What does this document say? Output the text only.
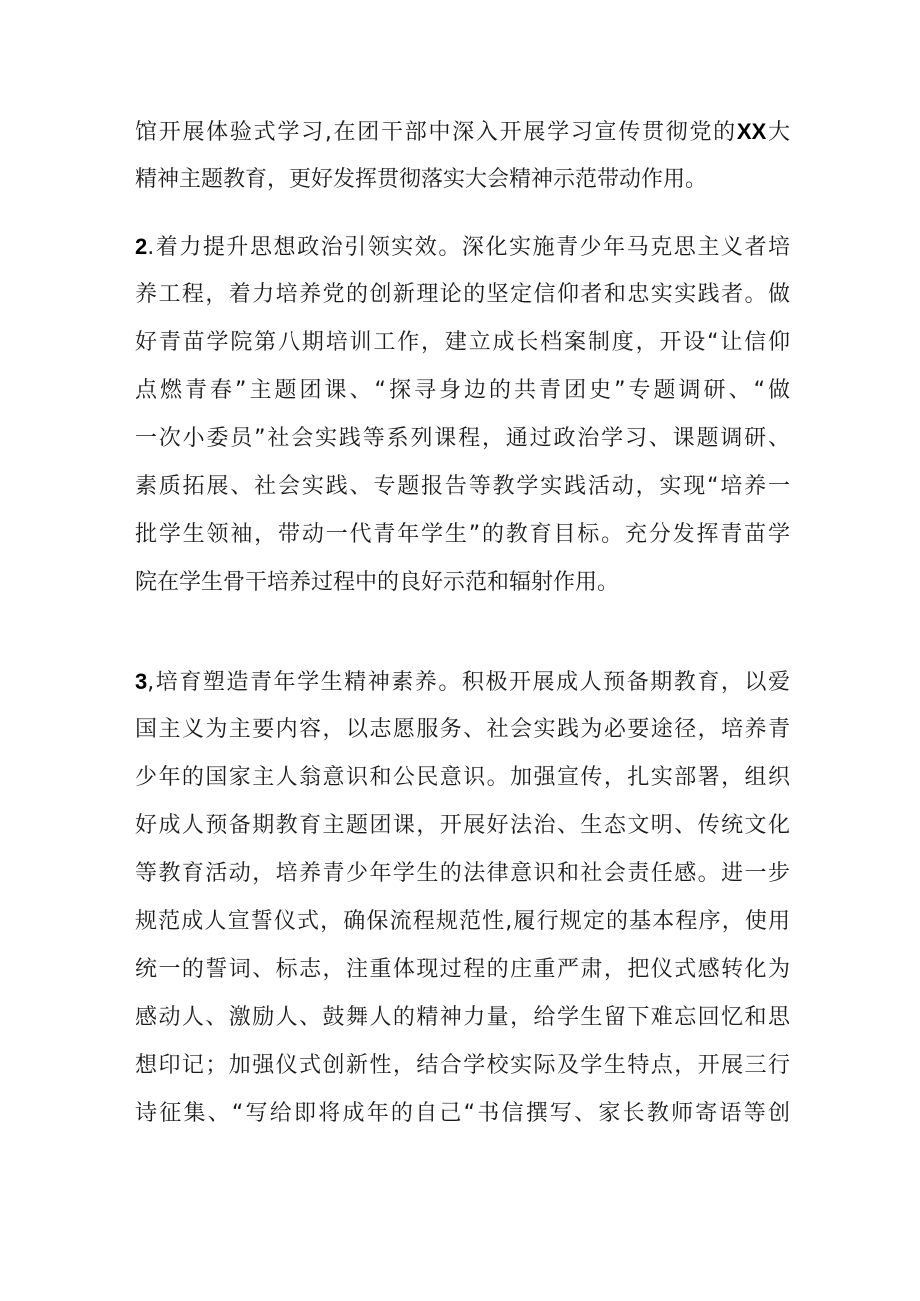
馆开展体验式学习,在团干部中深入开展学习宣传贯彻党的XX大
精神主题教育，更好发挥贯彻落实大会精神示范带动作用。
2.着力提升思想政治引领实效。深化实施青少年马克思主义者培
养工程，着力培养党的创新理论的坚定信仰者和忠实实践者。做
好青苗学院第八期培训工作，建立成长档案制度，开设“让信仰
点燃青春”主题团课、“探寻身边的共青团史”专题调研、“做
一次小委员”社会实践等系列课程，通过政治学习、课题调研、
素质拓展、社会实践、专题报告等教学实践活动，实现“培养一
批学生领袖，带动一代青年学生”的教育目标。充分发挥青苗学
院在学生骨干培养过程中的良好示范和辐射作用。
3,培育塑造青年学生精神素养。积极开展成人预备期教育，以爱
国主义为主要内容，以志愿服务、社会实践为必要途径，培养青
少年的国家主人翁意识和公民意识。加强宣传，扎实部署，组织
好成人预备期教育主题团课，开展好法治、生态文明、传统文化
等教育活动，培养青少年学生的法律意识和社会责任感。进一步
规范成人宣誓仪式，确保流程规范性,履行规定的基本程序，使用
统一的誓词、标志，注重体现过程的庄重严肃，把仪式感转化为
感动人、激励人、鼓舞人的精神力量，给学生留下难忘回忆和思
想印记；加强仪式创新性，结合学校实际及学生特点，开展三行
诗征集、“写给即将成年的自己“书信撰写、家长教师寄语等创
